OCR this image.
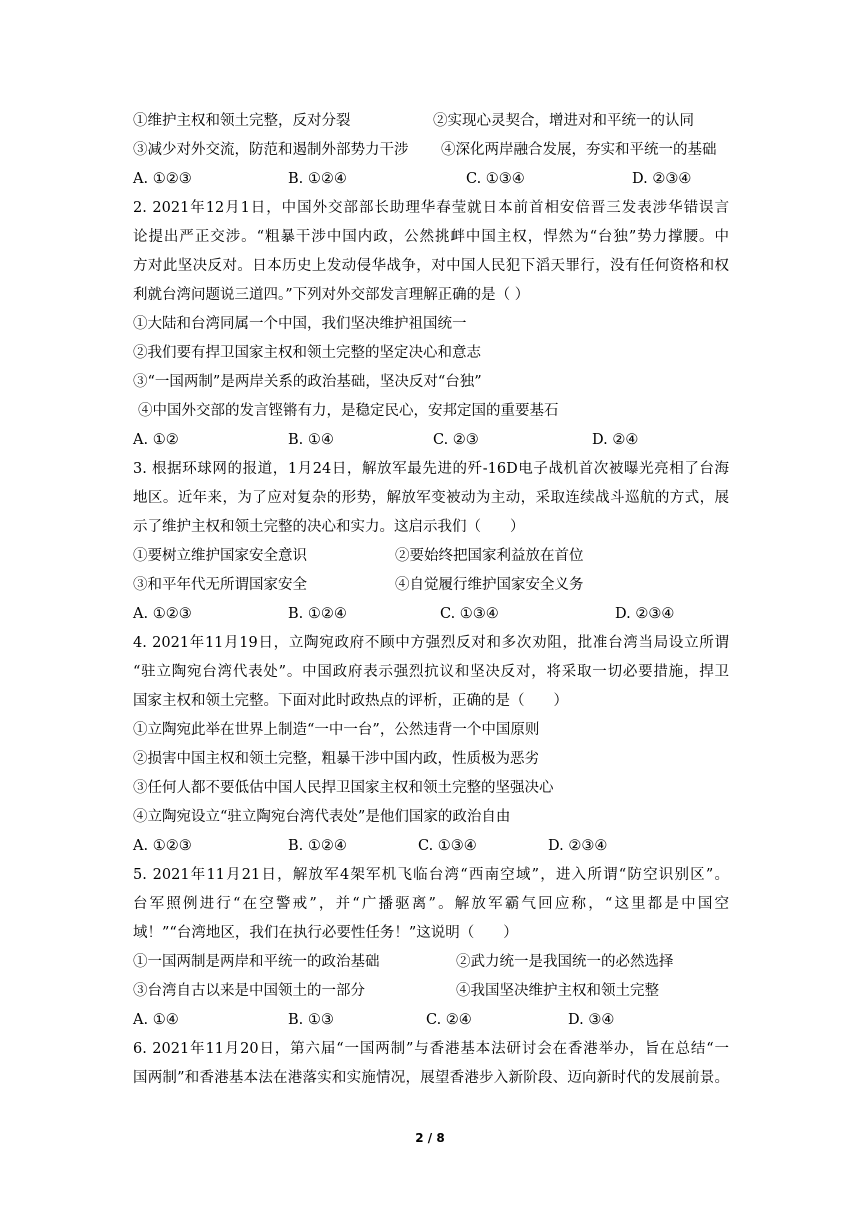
①维护主权和领土完整，反对分裂	②实现心灵契合，增进对和平统一的认同
③减少对外交流，防范和遏制外部势力干涉 ④深化两岸融合发展，夯实和平统一的基础
A. ①②③	B. ①②④	C. ①③④	D. ②③④
2. 2021年12月1日，中国外交部部长助理华春莹就日本前首相安倍晋三发表涉华错误言
论提出严正交涉。“粗暴干涉中国内政，公然挑衅中国主权，悍然为“台独”势力撑腰。中
方对此坚决反对。日本历史上发动侵华战争，对中国人民犯下滔天罪行，没有任何资格和权
利就台湾问题说三道四。”下列对外交部发言理解正确的是（ ）
①大陆和台湾同属一个中国，我们坚决维护祖国统一
②我们要有捍卫国家主权和领土完整的坚定决心和意志
③“一国两制”是两岸关系的政治基础，坚决反对“台独”
④中国外交部的发言铿锵有力，是稳定民心，安邦定国的重要基石
A. ①②	B. ①④	C. ②③	D. ②④
3. 根据环球网的报道，1月24日，解放军最先进的歼-16D电子战机首次被曝光亮相了台海
地区。近年来，为了应对复杂的形势，解放军变被动为主动，采取连续战斗巡航的方式，展
示了维护主权和领土完整的决心和实力。这启示我们（　　）
①要树立维护国家安全意识	②要始终把国家利益放在首位
③和平年代无所谓国家安全	④自觉履行维护国家安全义务
A. ①②③	B. ①②④	C. ①③④	D. ②③④
4. 2021年11月19日，立陶宛政府不顾中方强烈反对和多次劝阻，批准台湾当局设立所谓
“驻立陶宛台湾代表处”。中国政府表示强烈抗议和坚决反对，将采取一切必要措施，捍卫
国家主权和领土完整。下面对此时政热点的评析，正确的是（　　）
①立陶宛此举在世界上制造“一中一台”，公然违背一个中国原则
②损害中国主权和领土完整，粗暴干涉中国内政，性质极为恶劣
③任何人都不要低估中国人民捍卫国家主权和领土完整的坚强决心
④立陶宛设立“驻立陶宛台湾代表处”是他们国家的政治自由
A. ①②③	B. ①②④	C. ①③④	D. ②③④
5. 2021年11月21日，解放军4架军机飞临台湾“西南空域”，进入所谓“防空识别区”。
台军照例进行“在空警戒”，并“广播驱离”。解放军霸气回应称，“这里都是中国空
域！”“台湾地区，我们在执行必要性任务！”这说明（　　）
①一国两制是两岸和平统一的政治基础	②武力统一是我国统一的必然选择
③台湾自古以来是中国领土的一部分	④我国坚决维护主权和领土完整
A. ①④	B. ①③	C. ②④	D. ③④
6. 2021年11月20日，第六届“一国两制”与香港基本法研讨会在香港举办，旨在总结“一
国两制”和香港基本法在港落实和实施情况，展望香港步入新阶段、迈向新时代的发展前景。
2 / 8
